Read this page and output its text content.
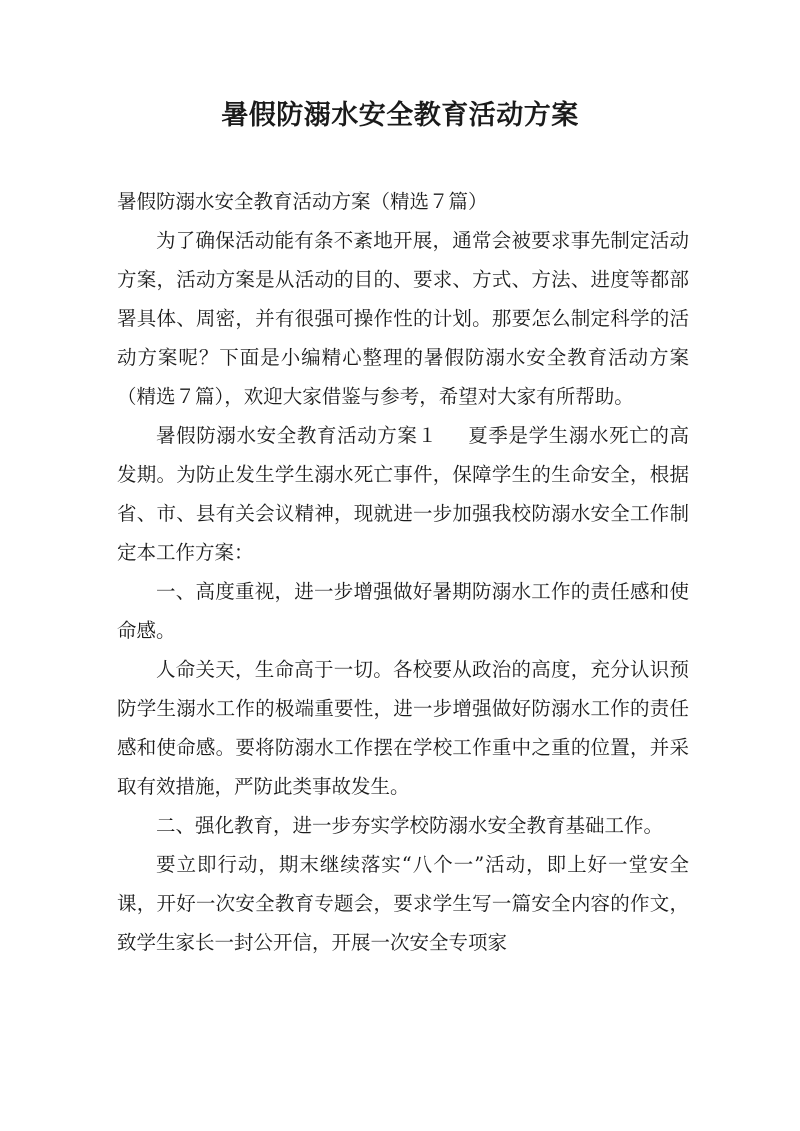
暑假防溺水安全教育活动方案

暑假防溺水安全教育活动方案（精选７篇）

为了确保活动能有条不紊地开展，通常会被要求事先制定活动方案，活动方案是从活动的目的、要求、方式、方法、进度等都部署具体、周密，并有很强可操作性的计划。那要怎么制定科学的活动方案呢？下面是小编精心整理的暑假防溺水安全教育活动方案（精选７篇），欢迎大家借鉴与参考，希望对大家有所帮助。

暑假防溺水安全教育活动方案１ 夏季是学生溺水死亡的高发期。为防止发生学生溺水死亡事件，保障学生的生命安全，根据省、市、县有关会议精神，现就进一步加强我校防溺水安全工作制定本工作方案：

一、高度重视，进一步增强做好暑期防溺水工作的责任感和使命感。

人命关天，生命高于一切。各校要从政治的高度，充分认识预防学生溺水工作的极端重要性，进一步增强做好防溺水工作的责任感和使命感。要将防溺水工作摆在学校工作重中之重的位置，并采取有效措施，严防此类事故发生。

二、强化教育，进一步夯实学校防溺水安全教育基础工作。

要立即行动，期末继续落实“八个一”活动，即上好一堂安全课，开好一次安全教育专题会，要求学生写一篇安全内容的作文，致学生家长一封公开信，开展一次安全专项家
